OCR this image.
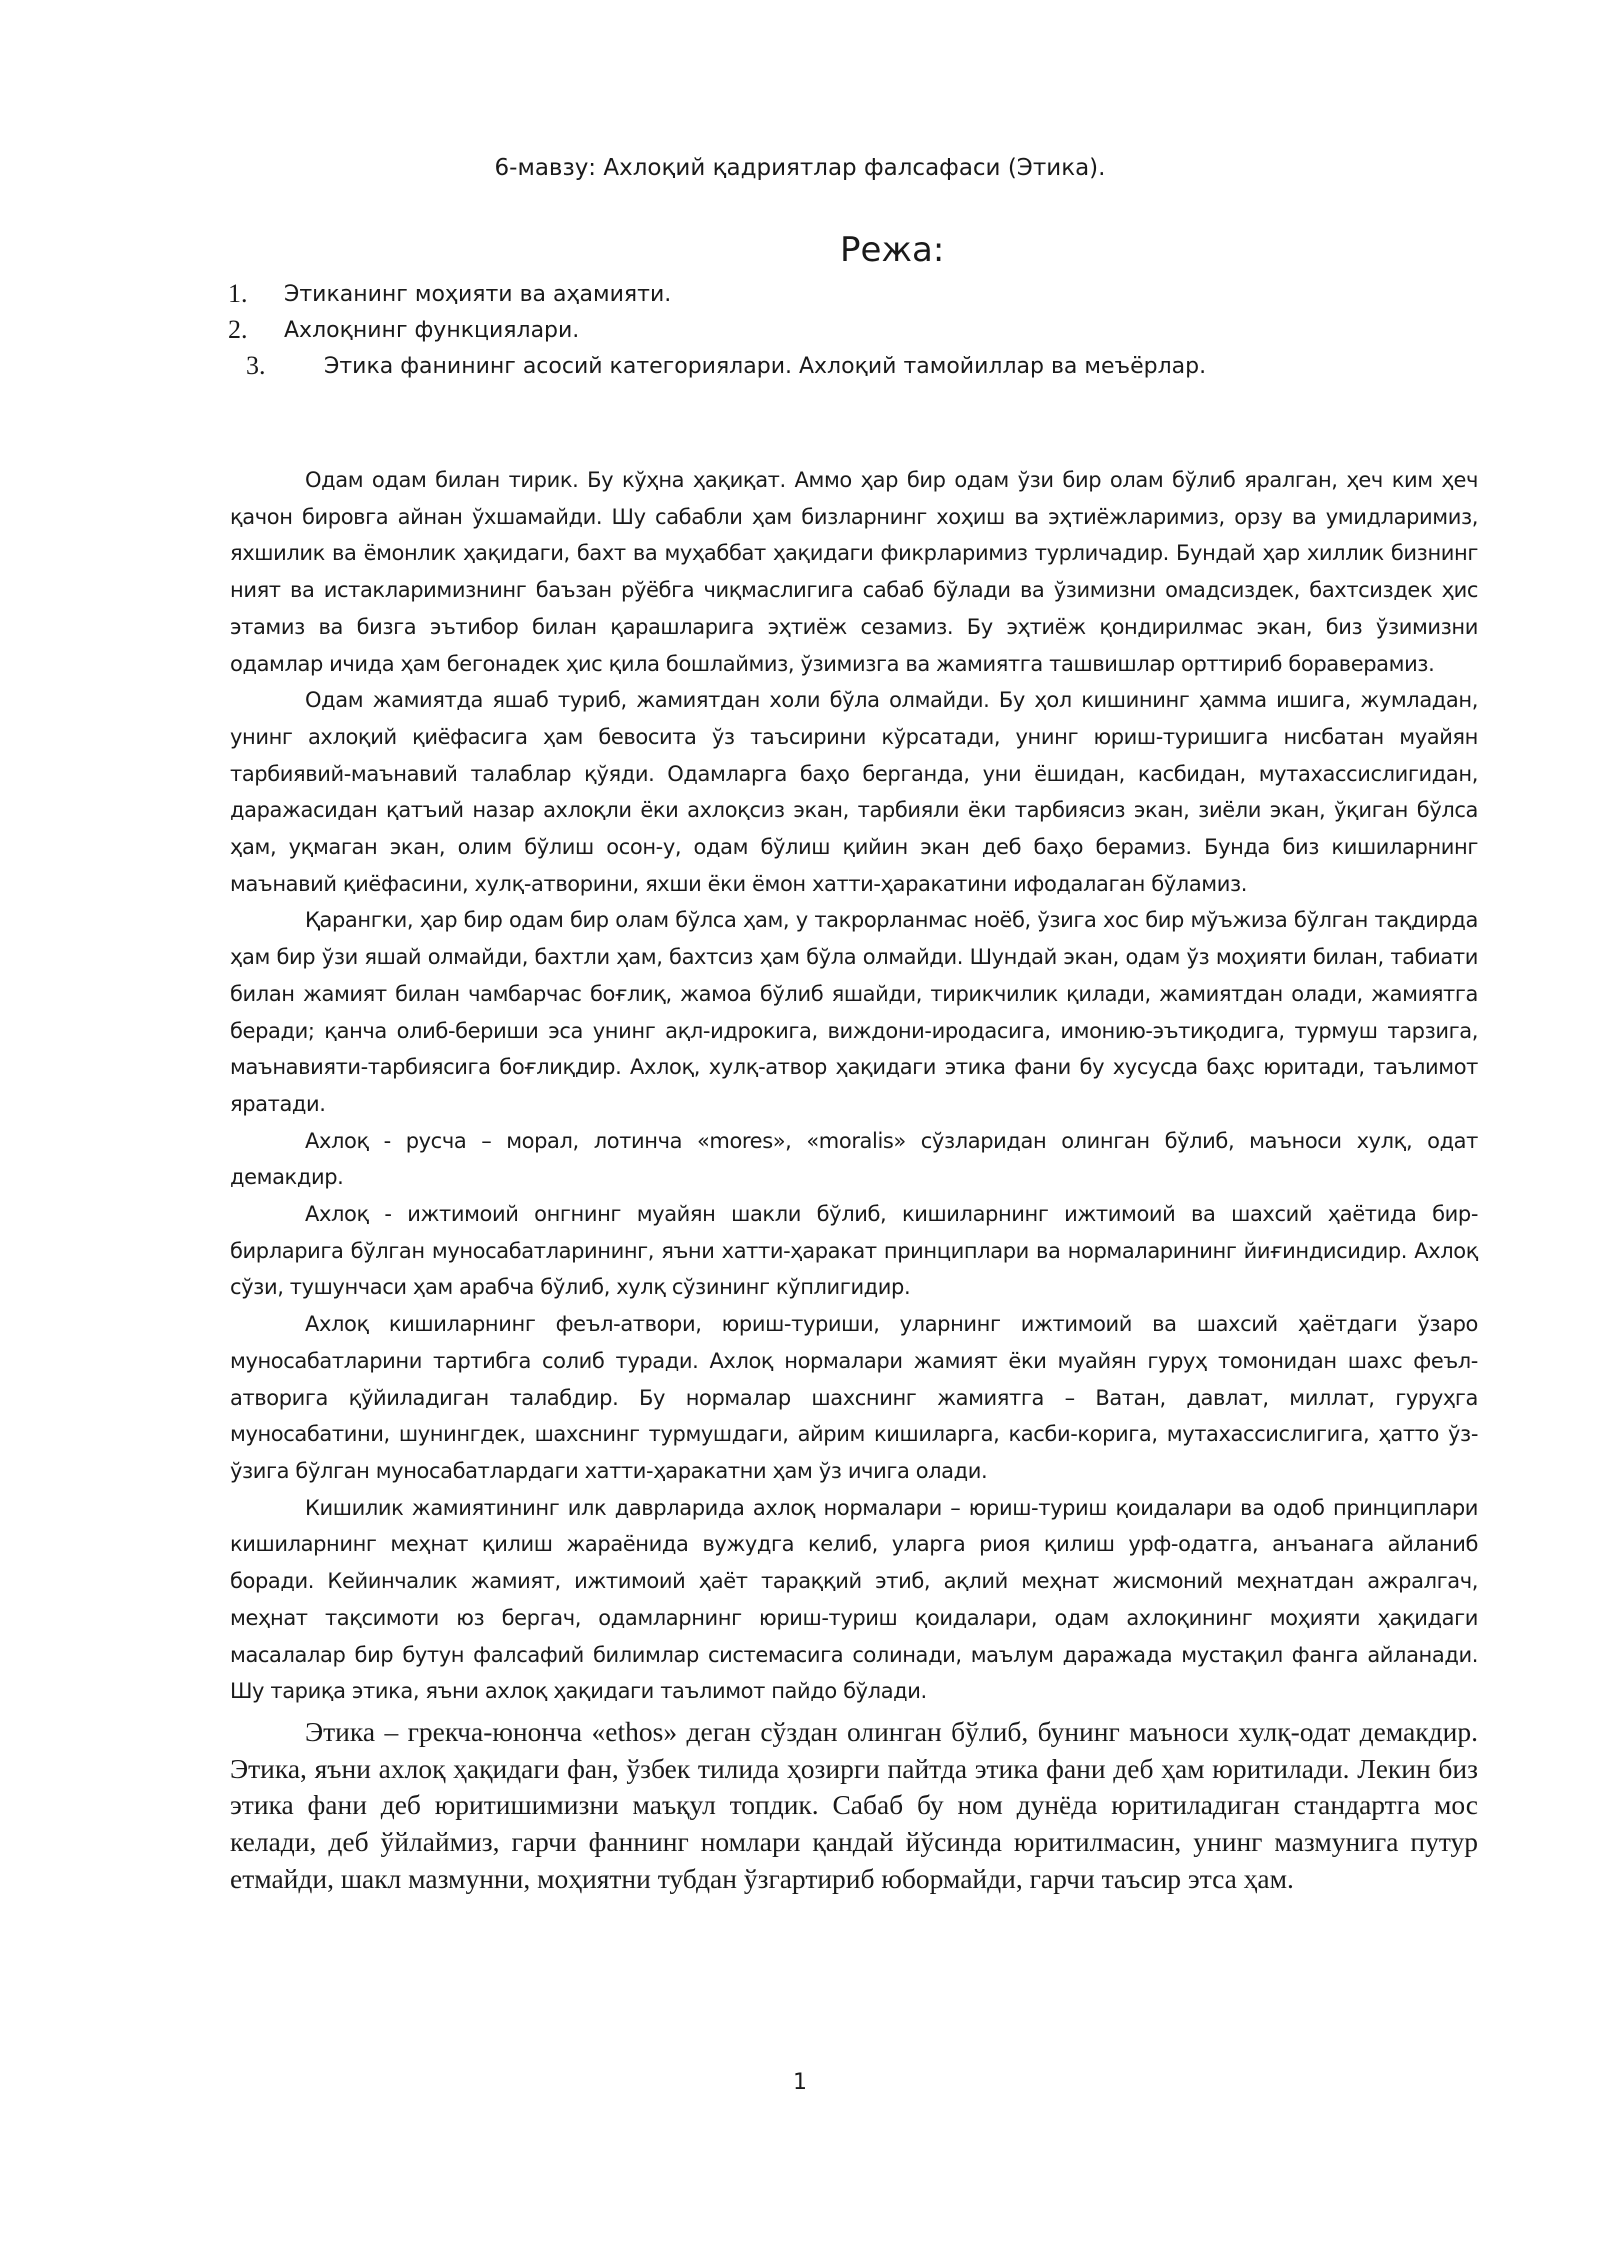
6-мавзу: Ахлоқий қадриятлар фалсафаси (Этика).
Режа:
1.	Этиканинг моҳияти ва аҳамияти.
2.	Ахлоқнинг функциялари.
3.	Этика фанининг асосий категориялари. Ахлоқий тамойиллар ва меъёрлар.

Одам одам билан тирик. Бу кўҳна ҳақиқат. Аммо ҳар бир одам ўзи бир олам бўлиб яралган, ҳеч ким ҳеч қачон бировга айнан ўхшамайди. Шу сабабли ҳам бизларнинг хоҳиш ва эҳтиёжларимиз, орзу ва умидларимиз, яхшилик ва ёмонлик ҳақидаги, бахт ва муҳаббат ҳақидаги фикрларимиз турличадир. Бундай ҳар хиллик бизнинг ният ва истакларимизнинг баъзан рўёбга чиқмаслигига сабаб бўлади ва ўзимизни омадсиздек, бахтсиздек ҳис этамиз ва бизга эътибор билан қарашларига эҳтиёж сезамиз. Бу эҳтиёж қондирилмас экан, биз ўзимизни одамлар ичида ҳам бегонадек ҳис қила бошлаймиз, ўзимизга ва жамиятга ташвишлар орттириб бораверамиз.

Одам жамиятда яшаб туриб, жамиятдан холи бўла олмайди. Бу ҳол кишининг ҳамма ишига, жумладан, унинг ахлоқий қиёфасига ҳам бевосита ўз таъсирини кўрсатади, унинг юриш-туришига нисбатан муайян тарбиявий-маънавий талаблар қўяди. Одамларга баҳо берганда, уни ёшидан, касбидан, мутахассислигидан, даражасидан қатъий назар ахлоқли ёки ахлоқсиз экан, тарбияли ёки тарбиясиз экан, зиёли экан, ўқиган бўлса ҳам, уқмаган экан, олим бўлиш осон-у, одам бўлиш қийин экан деб баҳо берамиз. Бунда биз кишиларнинг маънавий қиёфасини, хулқ-атворини, яхши ёки ёмон хатти-ҳаракатини ифодалаган бўламиз.

Қарангки, ҳар бир одам бир олам бўлса ҳам, у такрорланмас ноёб, ўзига хос бир мўъжиза бўлган тақдирда ҳам бир ўзи яшай олмайди, бахтли ҳам, бахтсиз ҳам бўла олмайди. Шундай экан, одам ўз моҳияти билан, табиати билан жамият билан чамбарчас боғлиқ, жамоа бўлиб яшайди, тирикчилик қилади, жамиятдан олади, жамиятга беради; қанча олиб-бериши эса унинг ақл-идрокига, виждони-иродасига, имонию-эътиқодига, турмуш тарзига, маънавияти-тарбиясига боғлиқдир. Ахлоқ, хулқ-атвор ҳақидаги этика фани бу хусусда баҳс юритади, таълимот яратади.

Ахлоқ - русча – морал, лотинча «mores», «moralis» сўзларидан олинган бўлиб, маъноси хулқ, одат демакдир.

Ахлоқ - ижтимоий онгнинг муайян шакли бўлиб, кишиларнинг ижтимоий ва шахсий ҳаётида бир-бирларига бўлган муносабатларининг, яъни хатти-ҳаракат принциплари ва нормаларининг йиғиндисидир. Ахлоқ сўзи, тушунчаси ҳам арабча бўлиб, хулқ сўзининг кўплигидир.

Ахлоқ кишиларнинг феъл-атвори, юриш-туриши, уларнинг ижтимоий ва шахсий ҳаётдаги ўзаро муносабатларини тартибга солиб туради. Ахлоқ нормалари жамият ёки муайян гуруҳ томонидан шахс феъл-атворига қўйиладиган талабдир. Бу нормалар шахснинг жамиятга – Ватан, давлат, миллат, гуруҳга муносабатини, шунингдек, шахснинг турмушдаги, айрим кишиларга, касби-корига, мутахассислигига, ҳатто ўз-ўзига бўлган муносабатлардаги хатти-ҳаракатни ҳам ўз ичига олади.

Кишилик жамиятининг илк даврларида ахлоқ нормалари – юриш-туриш қоидалари ва одоб принциплари кишиларнинг меҳнат қилиш жараёнида вужудга келиб, уларга риоя қилиш урф-одатга, анъанага айланиб боради. Кейинчалик жамият, ижтимоий ҳаёт тараққий этиб, ақлий меҳнат жисмоний меҳнатдан ажралгач, меҳнат тақсимоти юз бергач, одамларнинг юриш-туриш қоидалари, одам ахлоқининг моҳияти ҳақидаги масалалар бир бутун фалсафий билимлар системасига солинади, маълум даражада мустақил фанга айланади. Шу тариқа этика, яъни ахлоқ ҳақидаги таълимот пайдо бўлади.

Этика – грекча-юнонча «ethos» деган сўздан олинган бўлиб, бунинг маъноси хулқ-одат демакдир. Этика, яъни ахлоқ ҳақидаги фан, ўзбек тилида ҳозирги пайтда этика фани деб ҳам юритилади. Лекин биз этика фани деб юритишимизни маъқул топдик. Сабаб бу ном дунёда юритиладиган стандартга мос келади, деб ўйлаймиз, гарчи фаннинг номлари қандай йўсинда юритилмасин, унинг мазмунига путур етмайди, шакл мазмунни, моҳиятни тубдан ўзгартириб юбормайди, гарчи таъсир этса ҳам.

1
